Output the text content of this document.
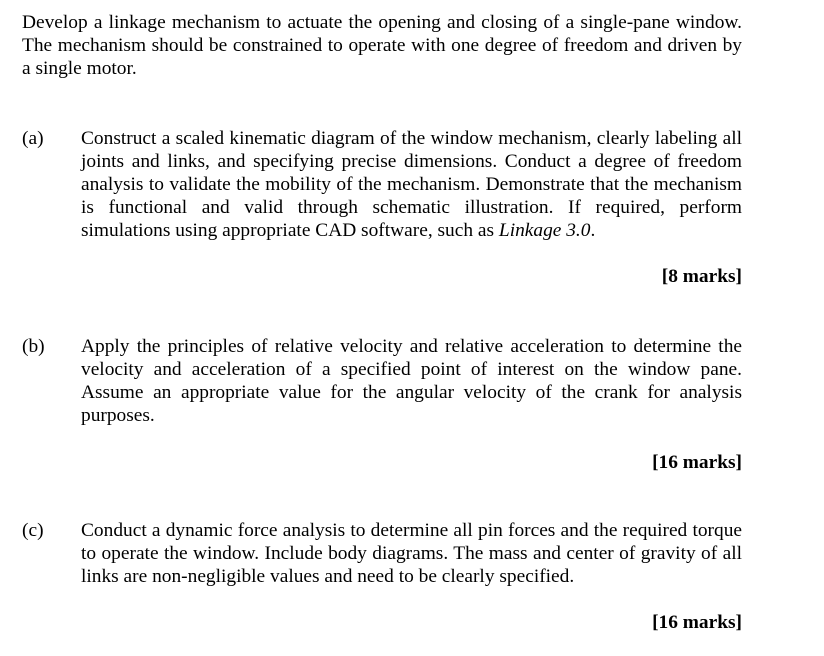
Develop a linkage mechanism to actuate the opening and closing of a single-pane window. The mechanism should be constrained to operate with one degree of freedom and driven by a single motor.
(a) Construct a scaled kinematic diagram of the window mechanism, clearly labeling all joints and links, and specifying precise dimensions. Conduct a degree of freedom analysis to validate the mobility of the mechanism. Demonstrate that the mechanism is functional and valid through schematic illustration. If required, perform simulations using appropriate CAD software, such as Linkage 3.0.
[8 marks]
(b) Apply the principles of relative velocity and relative acceleration to determine the velocity and acceleration of a specified point of interest on the window pane. Assume an appropriate value for the angular velocity of the crank for analysis purposes.
[16 marks]
(c) Conduct a dynamic force analysis to determine all pin forces and the required torque to operate the window. Include body diagrams. The mass and center of gravity of all links are non-negligible values and need to be clearly specified.
[16 marks]
